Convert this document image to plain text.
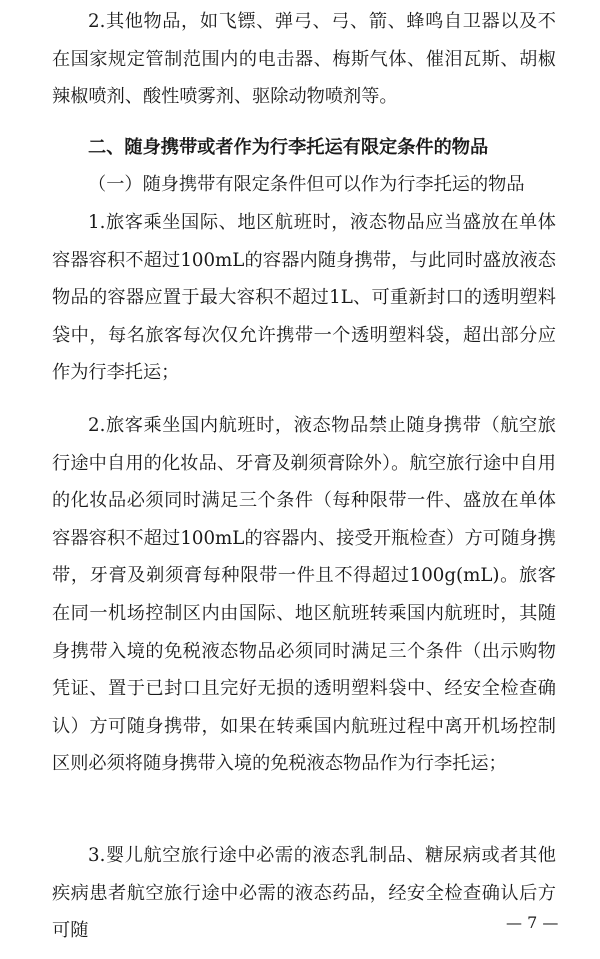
2.其他物品，如飞镖、弹弓、弓、箭、蜂鸣自卫器以及不在国家规定管制范围内的电击器、梅斯气体、催泪瓦斯、胡椒辣椒喷剂、酸性喷雾剂、驱除动物喷剂等。

二、随身携带或者作为行李托运有限定条件的物品

（一）随身携带有限定条件但可以作为行李托运的物品

1.旅客乘坐国际、地区航班时，液态物品应当盛放在单体容器容积不超过100mL的容器内随身携带，与此同时盛放液态物品的容器应置于最大容积不超过1L、可重新封口的透明塑料袋中，每名旅客每次仅允许携带一个透明塑料袋，超出部分应作为行李托运；

2.旅客乘坐国内航班时，液态物品禁止随身携带（航空旅行途中自用的化妆品、牙膏及剃须膏除外）。航空旅行途中自用的化妆品必须同时满足三个条件（每种限带一件、盛放在单体容器容积不超过100mL的容器内、接受开瓶检查）方可随身携带，牙膏及剃须膏每种限带一件且不得超过100g(mL)。旅客在同一机场控制区内由国际、地区航班转乘国内航班时，其随身携带入境的免税液态物品必须同时满足三个条件（出示购物凭证、置于已封口且完好无损的透明塑料袋中、经安全检查确认）方可随身携带，如果在转乘国内航班过程中离开机场控制区则必须将随身携带入境的免税液态物品作为行李托运；

3.婴儿航空旅行途中必需的液态乳制品、糖尿病或者其他疾病患者航空旅行途中必需的液态药品，经安全检查确认后方可随	— 7 —
